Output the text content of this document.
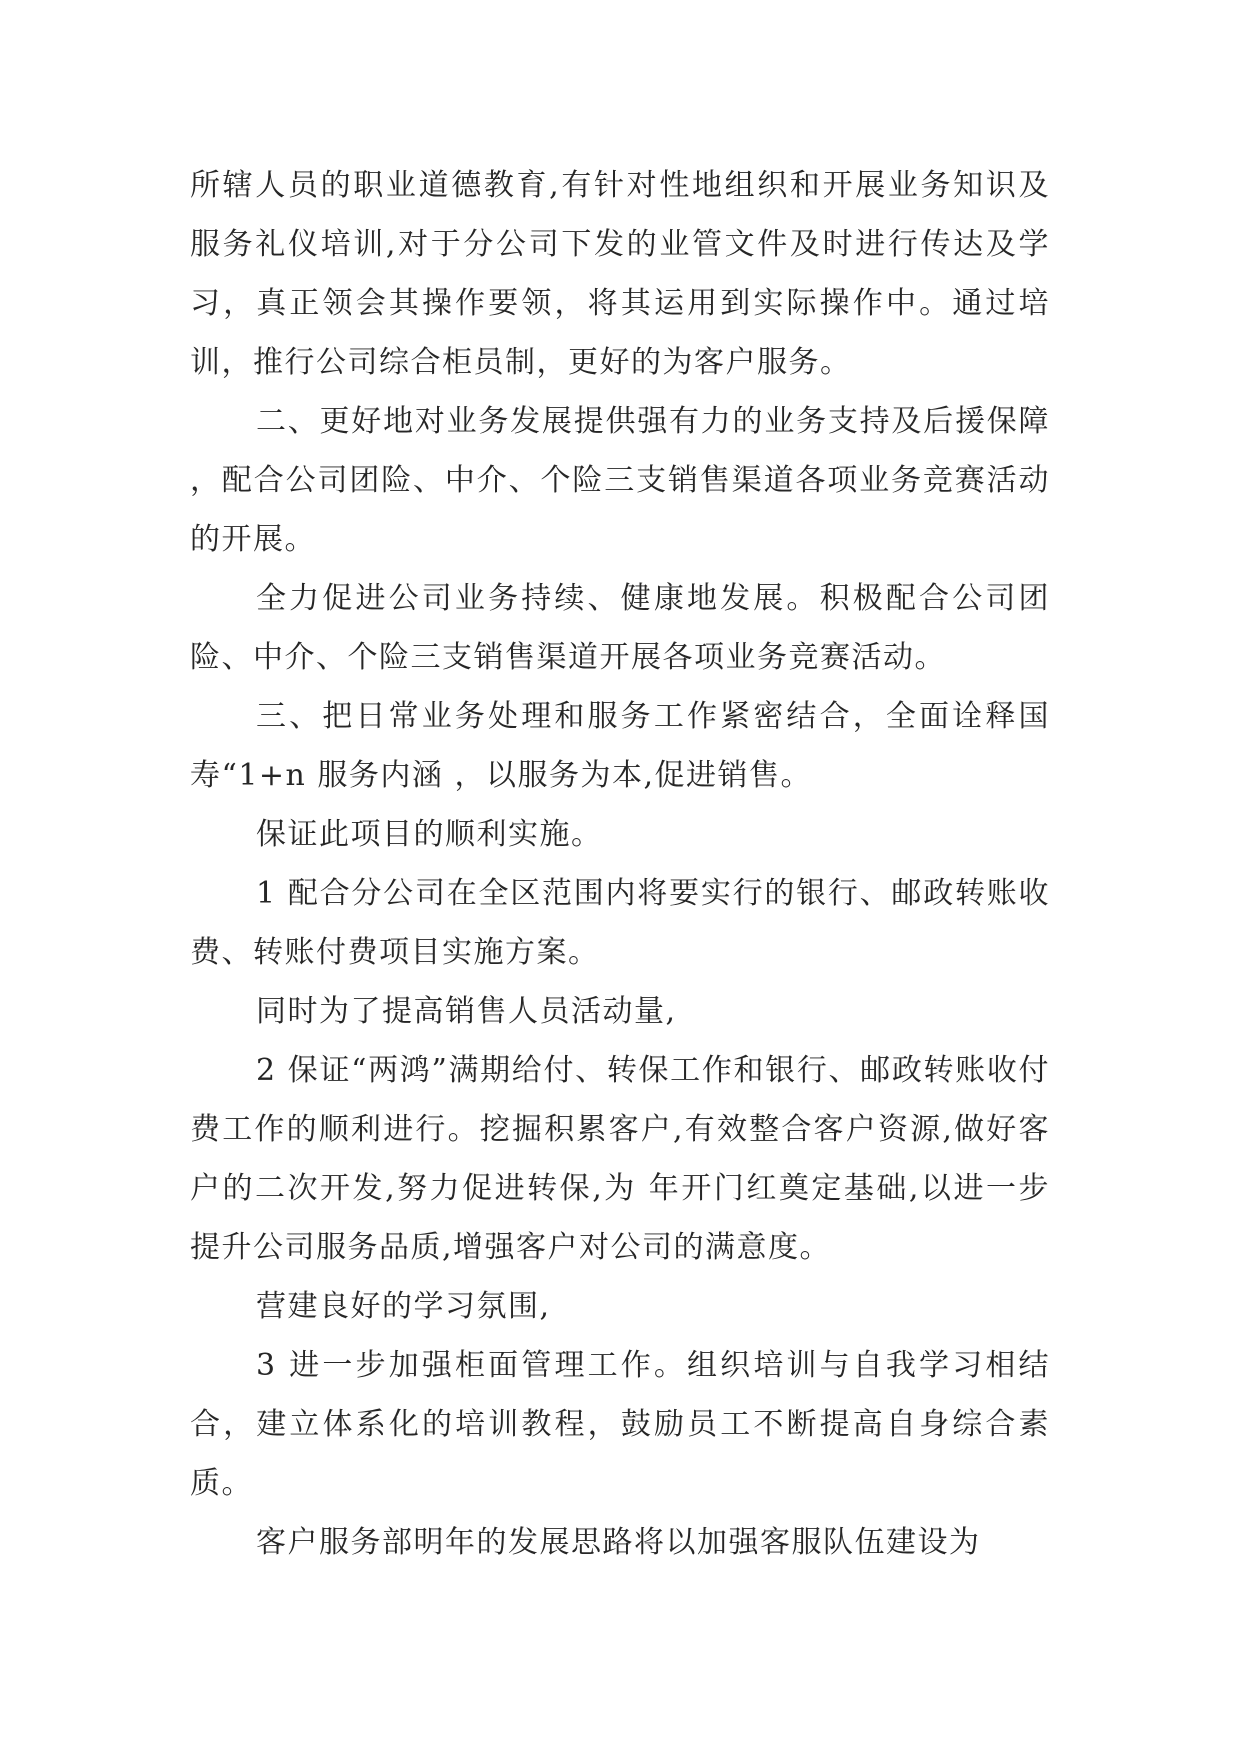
所辖人员的职业道德教育,有针对性地组织和开展业务知识及服务礼仪培训,对于分公司下发的业管文件及时进行传达及学习，真正领会其操作要领，将其运用到实际操作中。通过培训，推行公司综合柜员制，更好的为客户服务。

二、更好地对业务发展提供强有力的业务支持及后援保障 ，配合公司团险、中介、个险三支销售渠道各项业务竞赛活动的开展。

全力促进公司业务持续、健康地发展。积极配合公司团险、中介、个险三支销售渠道开展各项业务竞赛活动。

三、把日常业务处理和服务工作紧密结合，全面诠释国寿“1+n 服务内涵 ，以服务为本,促进销售。

保证此项目的顺利实施。

1 配合分公司在全区范围内将要实行的银行、邮政转账收费、转账付费项目实施方案。

同时为了提高销售人员活动量,

2 保证“两鸿”满期给付、转保工作和银行、邮政转账收付费工作的顺利进行。挖掘积累客户,有效整合客户资源,做好客户的二次开发,努力促进转保,为 年开门红奠定基础,以进一步提升公司服务品质,增强客户对公司的满意度。

营建良好的学习氛围,

3 进一步加强柜面管理工作。组织培训与自我学习相结合，建立体系化的培训教程，鼓励员工不断提高自身综合素质。

客户服务部明年的发展思路将以加强客服队伍建设为
